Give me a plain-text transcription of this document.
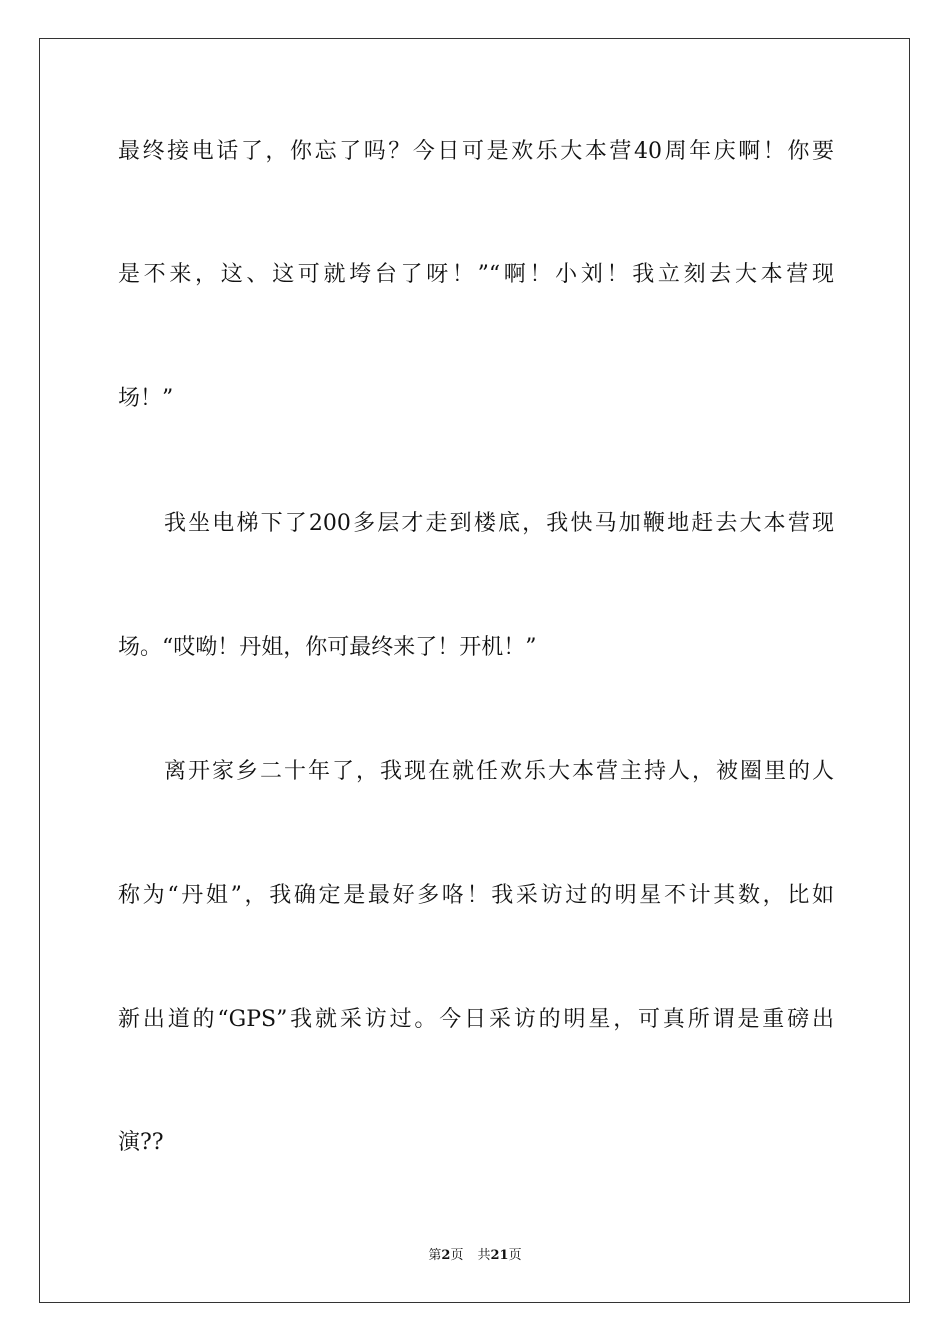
最终接电话了，你忘了吗？今日可是欢乐大本营40周年庆啊！你要
是不来，这、这可就垮台了呀！”“啊！小刘！我立刻去大本营现
场！”
我坐电梯下了200多层才走到楼底，我快马加鞭地赶去大本营现
场。“哎呦！丹姐，你可最终来了！开机！”
离开家乡二十年了，我现在就任欢乐大本营主持人，被圈里的人
称为“丹姐”，我确定是最好多咯！我采访过的明星不计其数，比如
新出道的“GPS”我就采访过。今日采访的明星，可真所谓是重磅出
演??
第2页 共21页
